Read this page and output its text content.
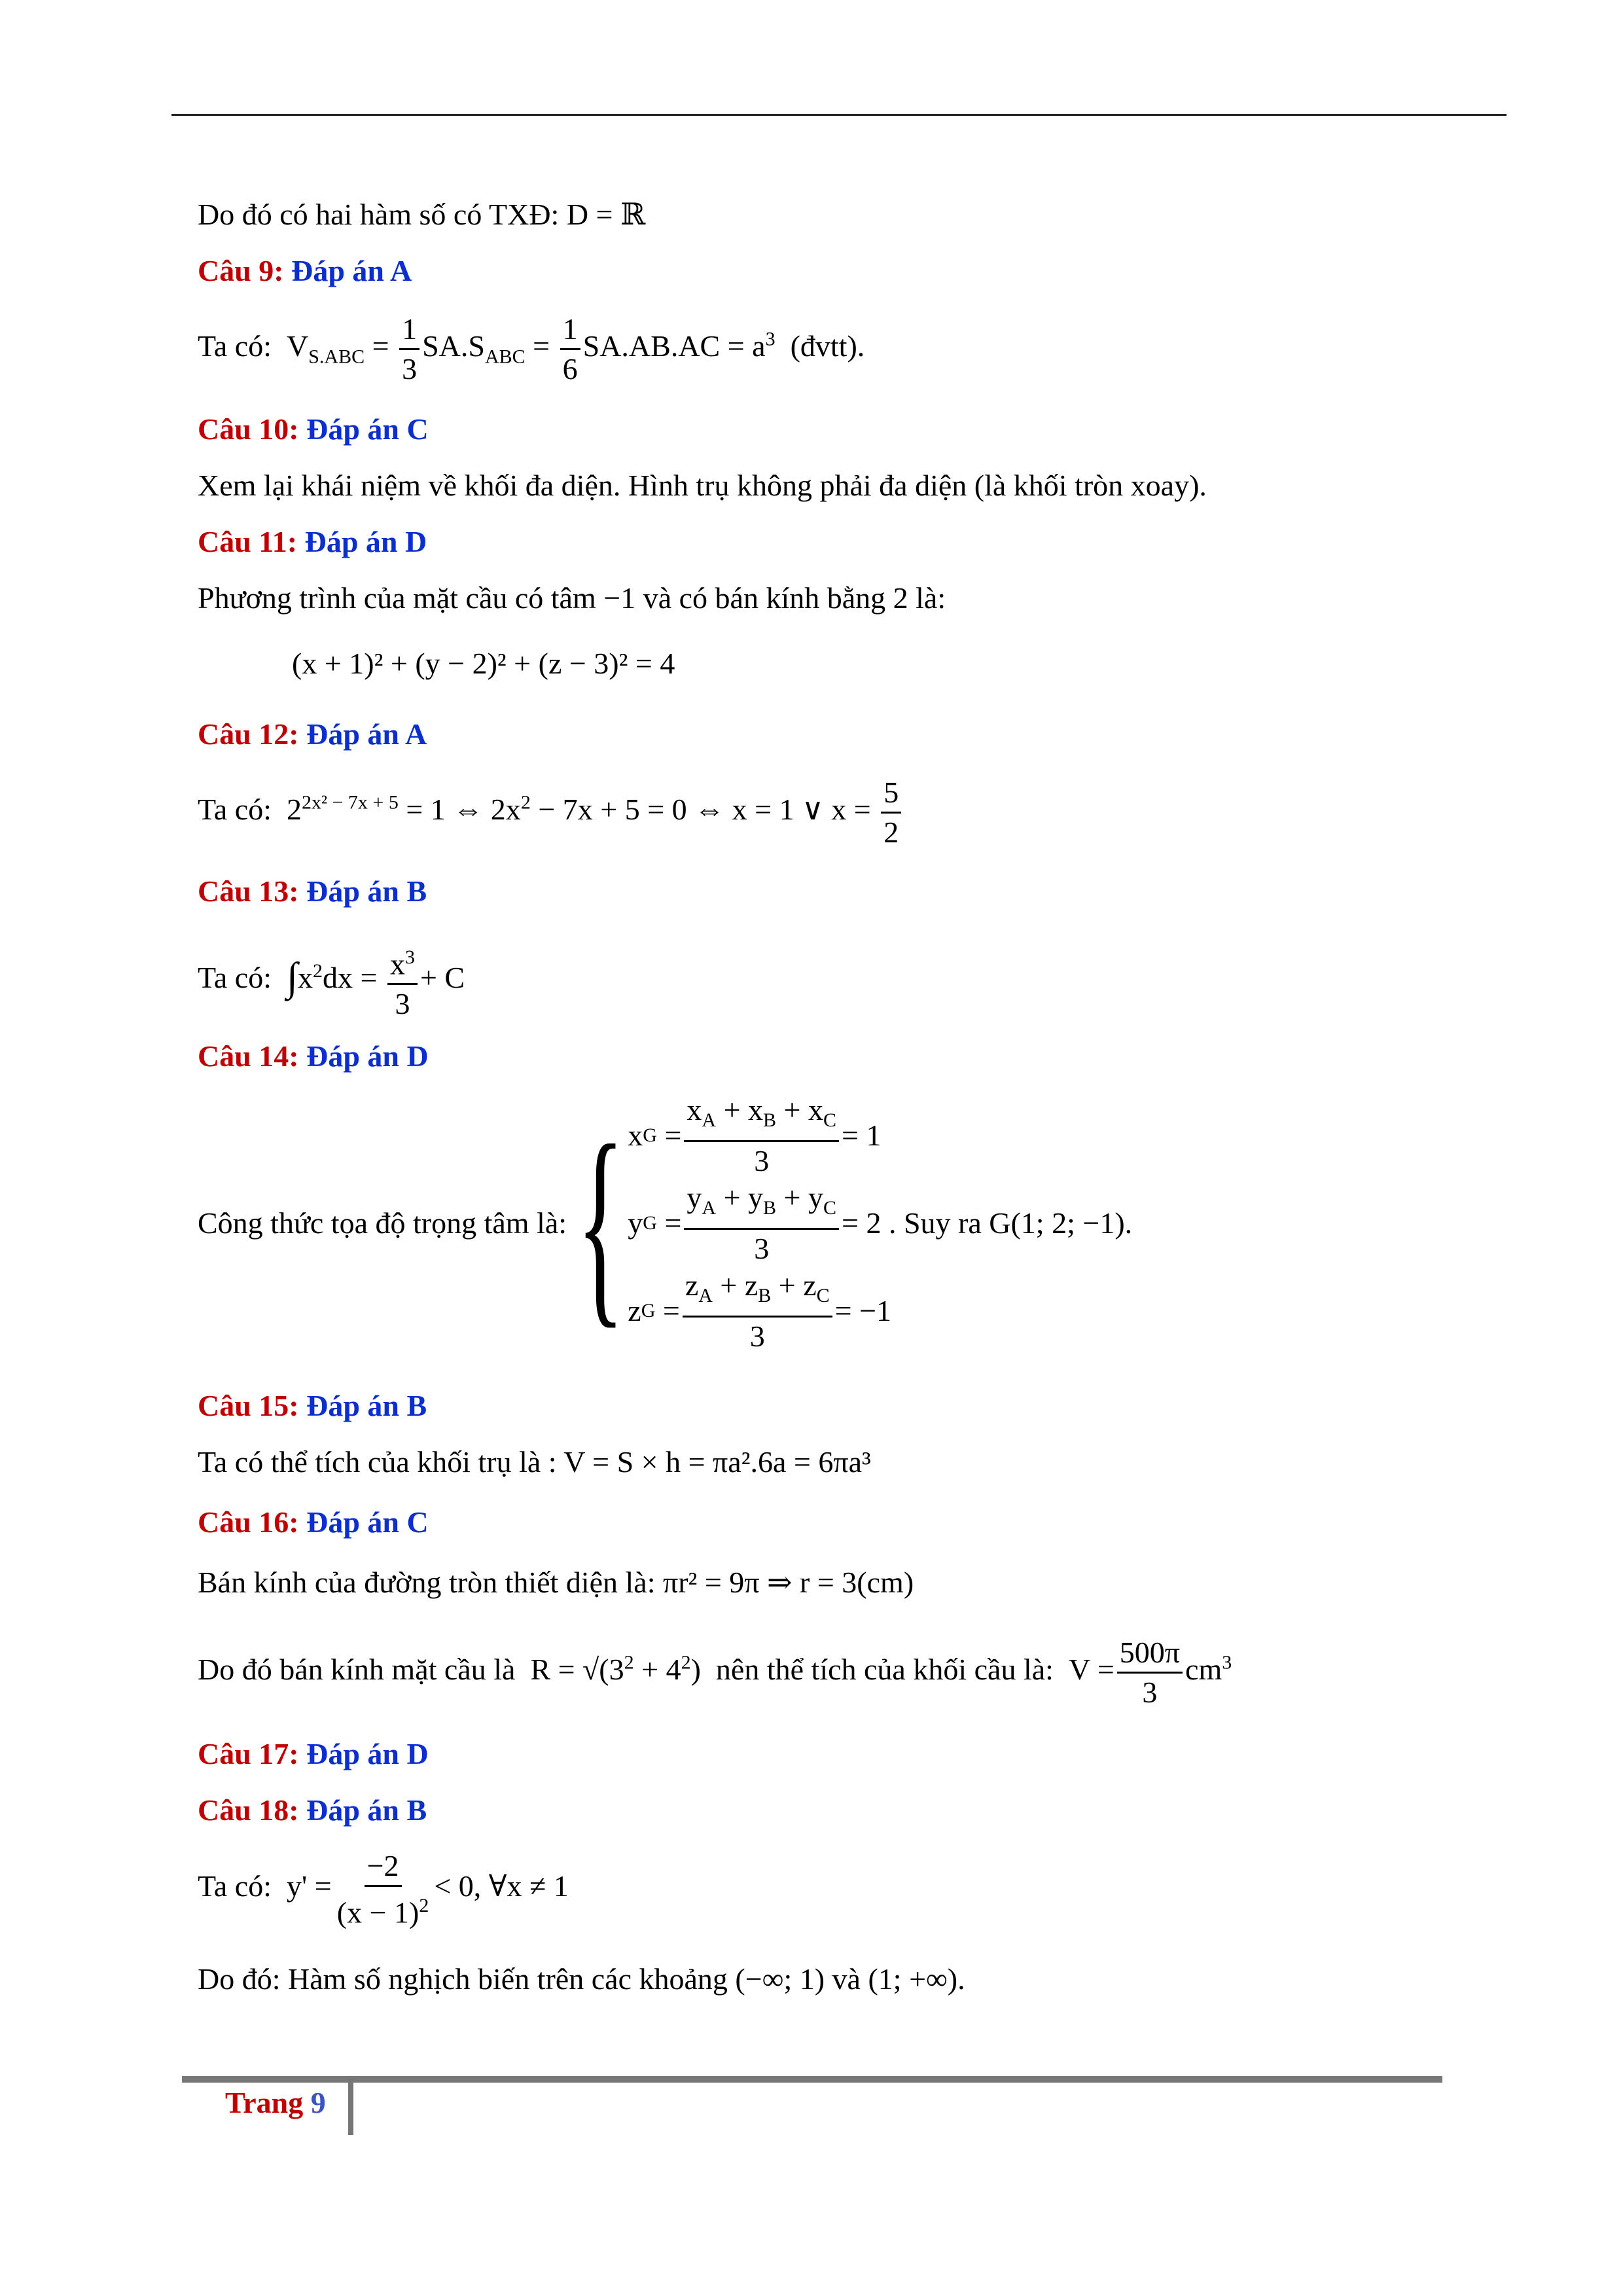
Do đó có hai hàm số có TXĐ: D = ℝ
Câu 9: Đáp án A
Ta có:  $V_{S.ABC} = \frac{1}{3} SA.S_{ABC} = \frac{1}{6} SA.AB.AC = a^3$ (đvtt).
Câu 10: Đáp án C
Xem lại khái niệm về khối đa diện. Hình trụ không phải đa diện (là khối tròn xoay).
Câu 11: Đáp án D
Phương trình của mặt cầu có tâm −1 và có bán kính bằng 2 là:
(x + 1)² + (y − 2)² + (z − 3)² = 4
Câu 12: Đáp án A
Ta có:  $2^{2x^2 - 7x + 5} = 1$ ⇔ $2x^2 - 7x + 5 = 0$ ⇔ x = 1 ∨ $x = \frac{5}{2}$
Câu 13: Đáp án B
Ta có: $\int x^2dx = \frac{x^3}{3} + C$
Câu 14: Đáp án D
Công thức tọa độ trọng tâm là: { x $G = \frac{x_A + x_B + x_C}{3} = 1$
y $G = \frac{y_A + y_B + y_C}{3} = 2$ . Suy ra G(1; 2; −1).
z $G = \frac{z_A + z_B + z_C}{3} = -1$
Câu 15: Đáp án B
Ta có thể tích của khối trụ là : V = S × h = πa².6a = 6πa³
Câu 16: Đáp án C
Bán kính của đường tròn thiết diện là: πr² = 9π ⇒ r = 3(cm)
Do đó bán kính mặt cầu là  $R = √(3^2 + 4^2)$  nên thể tích của khối cầu là:  $V = \frac{500\pi}{3} cm^3$
Câu 17: Đáp án D
Câu 18: Đáp án B
Ta có:  $y' = \frac{-2}{(x - 1)^2} < 0$, ∀x ≠ 1
Do đó: Hàm số nghịch biến trên các khoảng (−∞; 1) và (1; +∞).
Trang 9
